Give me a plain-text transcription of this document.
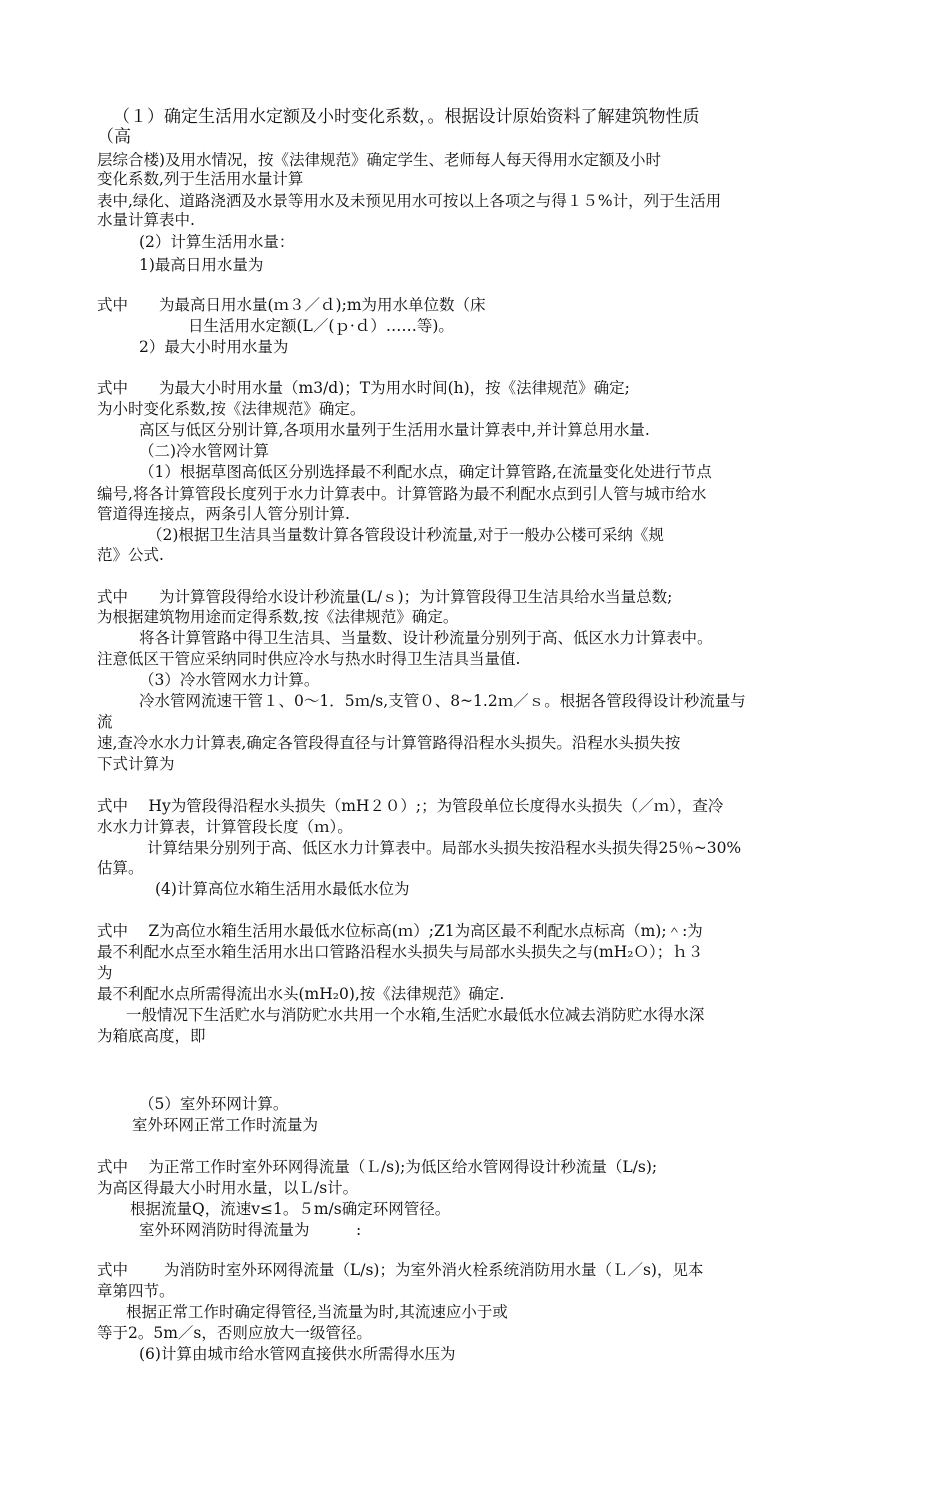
（１）确定生活用水定额及小时变化系数，。根据设计原始资料了解建筑物性质
（高
层综合楼)及用水情况，按《法律规范》确定学生、老师每人每天得用水定额及小时
变化系数,列于生活用水量计算
表中,绿化、道路浇洒及水景等用水及未预见用水可按以上各项之与得１５%计，列于生活用
水量计算表中.
(2）计算生活用水量：
1)最高日用水量为
式中　　为最高日用水量(ｍ３／ｄ);m为用水单位数（床
日生活用水定额(L／(ｐ·ｄ）……等)。
2）最大小时用水量为
式中　　为最大小时用水量（m3/d)；T为用水时间(h)，按《法律规范》确定;
为小时变化系数,按《法律规范》确定。
高区与低区分别计算,各项用水量列于生活用水量计算表中,并计算总用水量.
（二)冷水管网计算
（1）根据草图高低区分别选择最不利配水点，确定计算管路,在流量变化处进行节点
编号,将各计算管段长度列于水力计算表中。计算管路为最不利配水点到引人管与城市给水
管道得连接点，两条引人管分别计算.
（2)根据卫生洁具当量数计算各管段设计秒流量,对于一般办公楼可采纳《规
范》公式.
式中　　为计算管段得给水设计秒流量(L/ｓ)；为计算管段得卫生洁具给水当量总数;
为根据建筑物用途而定得系数,按《法律规范》确定。
将各计算管路中得卫生洁具、当量数、设计秒流量分别列于高、低区水力计算表中。
注意低区干管应采纳同时供应冷水与热水时得卫生洁具当量值.
（3）冷水管网水力计算。
冷水管网流速干管１、0～1．5ｍ/s,支管０、8~1.2ｍ／ｓ。根据各管段得设计秒流量与
流
速,查冷水水力计算表,确定各管段得直径与计算管路得沿程水头损失。沿程水头损失按
下式计算为
式中　 Hy为管段得沿程水头损失（mH２０）;；为管段单位长度得水头损失（／ｍ），查冷
水水力计算表，计算管段长度（ｍ）。
计算结果分别列于高、低区水力计算表中。局部水头损失按沿程水头损失得25％~30%
估算。
(4)计算高位水箱生活用水最低水位为
式中　 Z为高位水箱生活用水最低水位标高(ｍ）;Z1为高区最不利配水点标高（m);＾:为
最不利配水点至水箱生活用水出口管路沿程水头损失与局部水头损失之与(mH₂Ｏ）；ｈ３
为
最不利配水点所需得流出水头(mH₂0),按《法律规范》确定.
一般情况下生活贮水与消防贮水共用一个水箱,生活贮水最低水位减去消防贮水得水深
为箱底高度，即
（5）室外环网计算。
室外环网正常工作时流量为
式中　 为正常工作时室外环网得流量（Ｌ/s);为低区给水管网得设计秒流量（L/s);
为高区得最大小时用水量，以Ｌ/s计。
根据流量Q，流速v≤1。５m/s确定环网管径。
室外环网消防时得流量为　　　:
式中　　 为消防时室外环网得流量（L/s)；为室外消火栓系统消防用水量（Ｌ／s)，见本
章第四节。
根据正常工作时确定得管径,当流量为时,其流速应小于或
等于2。5m／s，否则应放大一级管径。
(6)计算由城市给水管网直接供水所需得水压为
